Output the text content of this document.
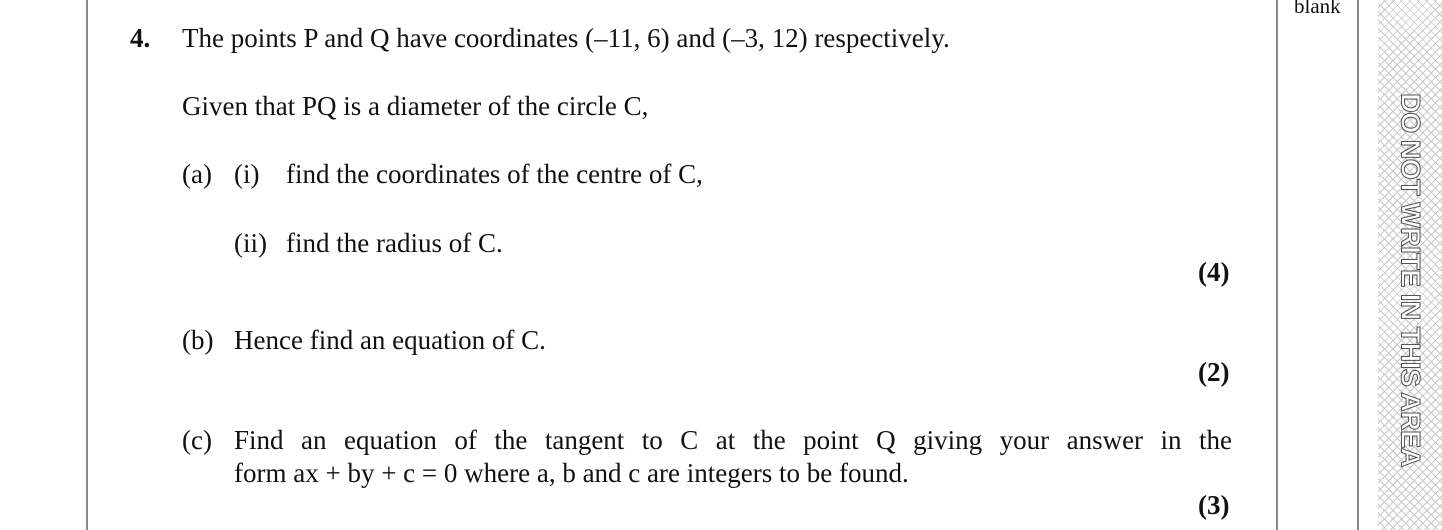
blank
DO NOT WRITE IN THIS AREA
4. The points P and Q have coordinates (–11, 6) and (–3, 12) respectively.
Given that PQ is a diameter of the circle C,
(a) (i) find the coordinates of the centre of C,
(ii) find the radius of C.
(4)
(b) Hence find an equation of C.
(2)
(c) Find an equation of the tangent to C at the point Q giving your answer in the
form ax + by + c = 0 where a, b and c are integers to be found.
(3)
